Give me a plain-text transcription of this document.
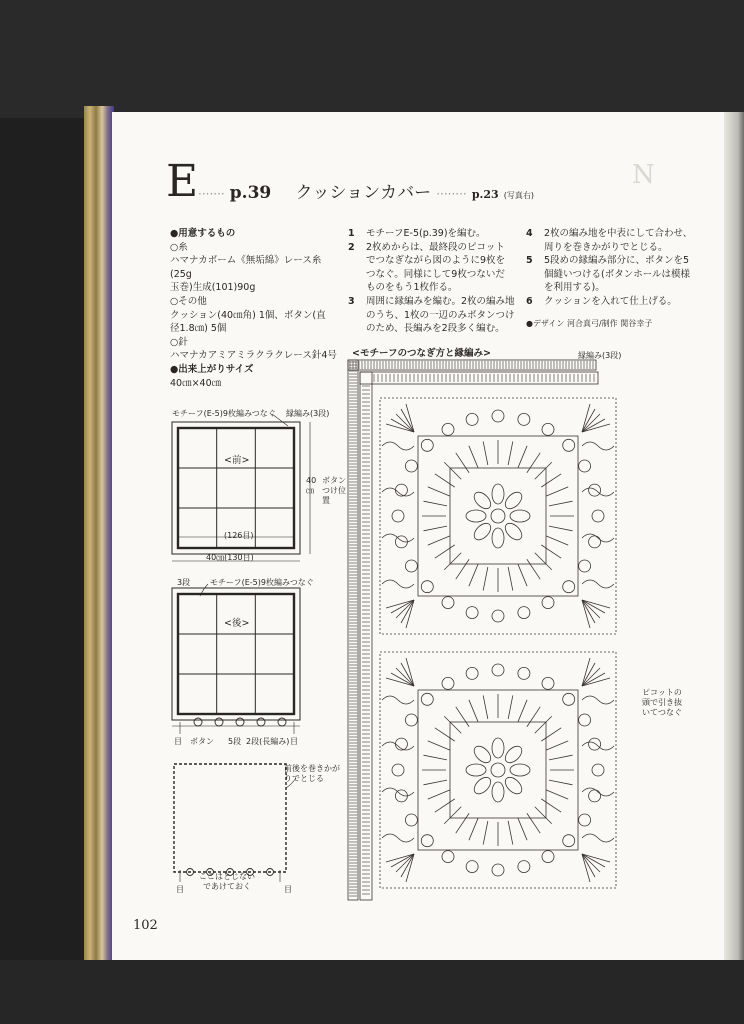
N
E ······· p.39 クッションカバー ········ p.23 (写真右)
●用意するもの
○糸
ハマナカボーム《無垢綿》レース糸(25g
玉巻)生成(101)90g
○その他
クッション(40㎝角) 1個、ボタン(直
径1.8㎝) 5個
○針
ハマナカアミアミラクラクレース針4号
●出来上がりサイズ
40㎝×40㎝
1 モチーフE-5(p.39)を編む。
2 2枚めからは、最終段のピコット
でつなぎながら図のように9枚を
つなぐ。同様にして9枚つないだ
ものをもう1枚作る。
3 周囲に縁編みを編む。2枚の編み地
のうち、1枚の一辺のみボタンつけ
のため、長編みを2段多く編む。
4 2枚の編み地を中表にして合わせ、
周りを巻きかがりでとじる。
5 5段めの縁編み部分に、ボタンを5
個縫いつける(ボタンホールは模様
を利用する)。
6 クッションを入れて仕上げる。
●デザイン 河合真弓/制作 関谷幸子
<モチーフのつなぎ方と縁編み>	縁編み(3段)
モチーフ(E-5)9枚編みつなぐ 縁編み(3段)
<前>
(126目)
40㎝(130目)
40㎝
ボタンつけ位置
3段 モチーフ(E-5)9枚編みつなぐ
<後>
目 ボタン 5段 2段(長編み) 目
前後を巻きかがりでとじる
ここはとじないであけておく
目	目
ピコットの頭で引き抜いてつなぐ
102
